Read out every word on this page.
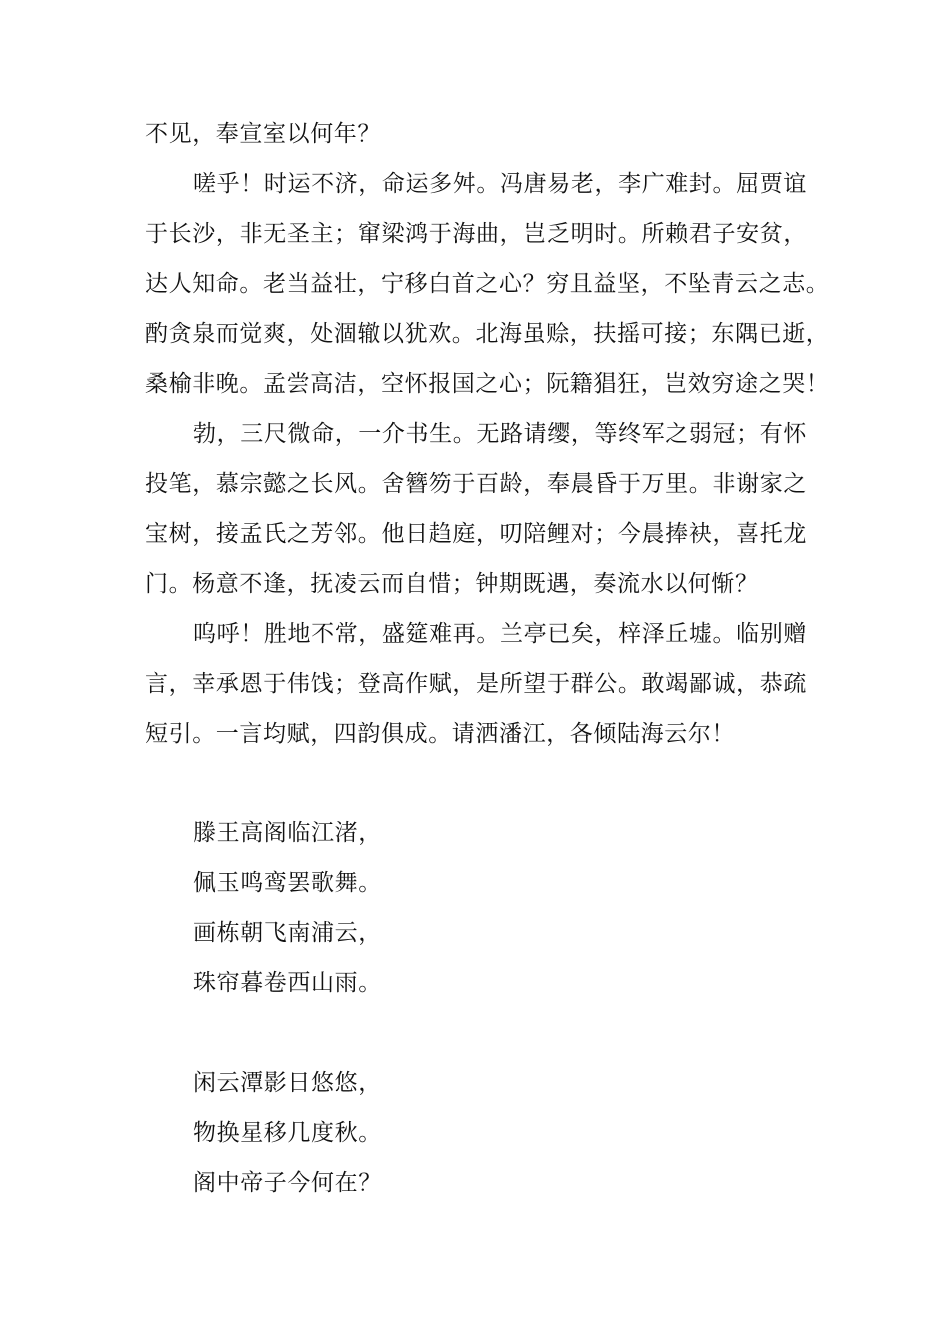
不见，奉宣室以何年？
嗟乎！时运不济，命运多舛。冯唐易老，李广难封。屈贾谊
于长沙，非无圣主；窜梁鸿于海曲，岂乏明时。所赖君子安贫，
达人知命。老当益壮，宁移白首之心？穷且益坚，不坠青云之志。
酌贪泉而觉爽，处涸辙以犹欢。北海虽赊，扶摇可接；东隅已逝，
桑榆非晚。孟尝高洁，空怀报国之心；阮籍猖狂，岂效穷途之哭！
勃，三尺微命，一介书生。无路请缨，等终军之弱冠；有怀
投笔，慕宗懿之长风。舍簪笏于百龄，奉晨昏于万里。非谢家之
宝树，接孟氏之芳邻。他日趋庭，叨陪鲤对；今晨捧袂，喜托龙
门。杨意不逢，抚凌云而自惜；钟期既遇，奏流水以何惭？
呜呼！胜地不常，盛筵难再。兰亭已矣，梓泽丘墟。临别赠
言，幸承恩于伟饯；登高作赋，是所望于群公。敢竭鄙诚，恭疏
短引。一言均赋，四韵俱成。请洒潘江，各倾陆海云尔！
滕王高阁临江渚，
佩玉鸣鸾罢歌舞。
画栋朝飞南浦云，
珠帘暮卷西山雨。
闲云潭影日悠悠，
物换星移几度秋。
阁中帝子今何在？
